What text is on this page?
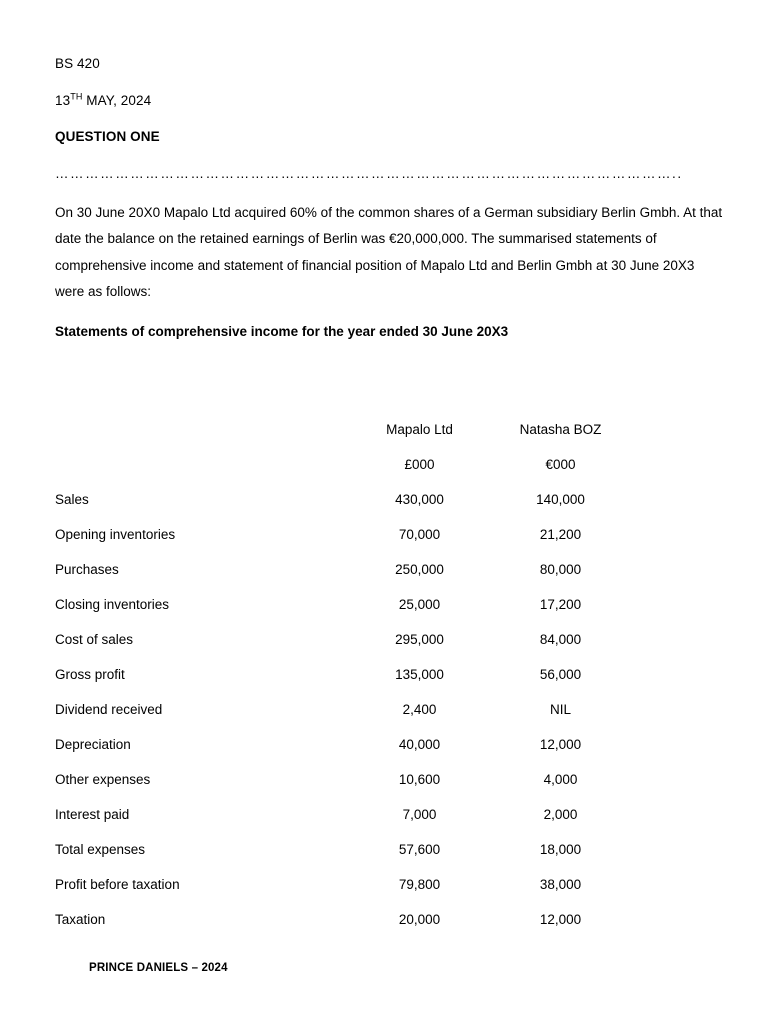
BS 420
13TH MAY, 2024
QUESTION ONE
……………………………………………………………………………………………………………..
On 30 June 20X0 Mapalo Ltd acquired 60% of the common shares of a German subsidiary Berlin Gmbh. At that date the balance on the retained earnings of Berlin was €20,000,000. The summarised statements of comprehensive income and statement of financial position of Mapalo Ltd and Berlin Gmbh at 30 June 20X3 were as follows:
Statements of comprehensive income for the year ended 30 June 20X3
	Mapalo Ltd	Natasha BOZ
	£000	€000
Sales	430,000	140,000
Opening inventories	70,000	21,200
Purchases	250,000	80,000
Closing inventories	25,000	17,200
Cost of sales	295,000	84,000
Gross profit	135,000	56,000
Dividend received	2,400	NIL
Depreciation	40,000	12,000
Other expenses	10,600	4,000
Interest paid	7,000	2,000
Total expenses	57,600	18,000
Profit before taxation	79,800	38,000
Taxation	20,000	12,000
PRINCE DANIELS – 2024
